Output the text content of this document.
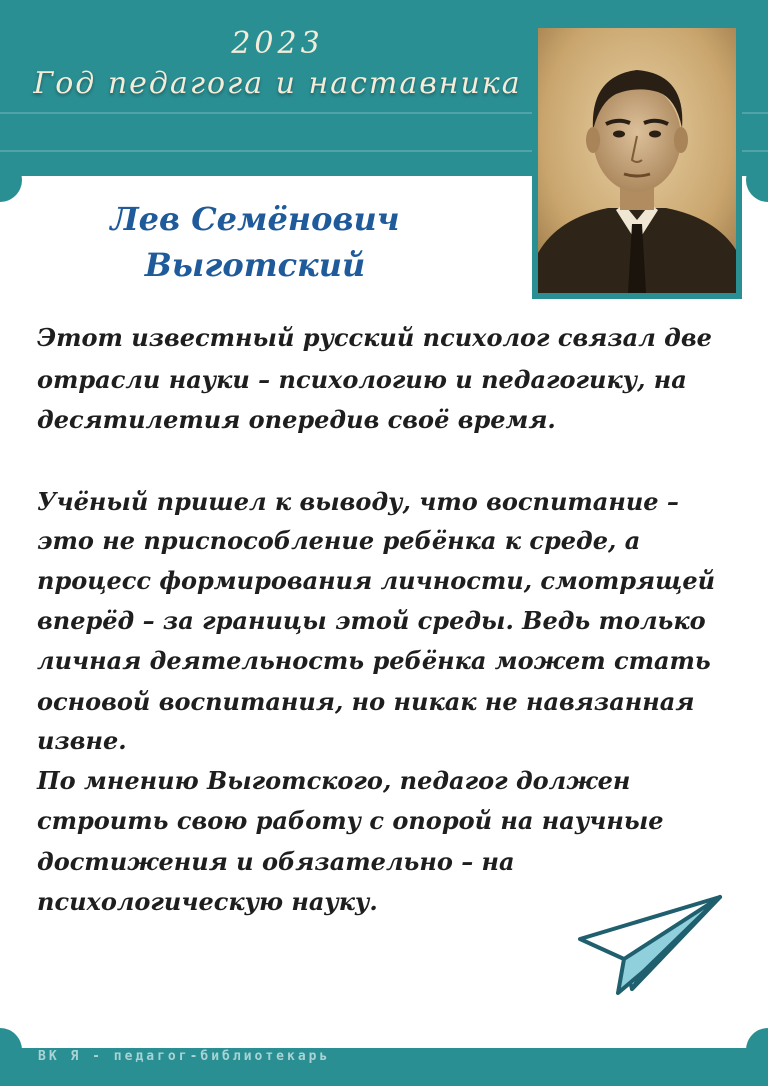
2023
Год педагога и наставника
Лев Семёнович
Выготский
Этот известный русский психолог связал две
отрасли науки – психологию и педагогику, на
десятилетия опередив своё время.
Учёный пришел к выводу, что воспитание –
это не приспособление ребёнка к среде, а
процесс формирования личности, смотрящей
вперёд – за границы этой среды. Ведь только
личная деятельность ребёнка может стать
основой воспитания, но никак не навязанная
извне.
По мнению Выготского, педагог должен
строить свою работу с опорой на научные
достижения и обязательно – на
психологическую науку.
ВК Я - педагог-библиотекарь
